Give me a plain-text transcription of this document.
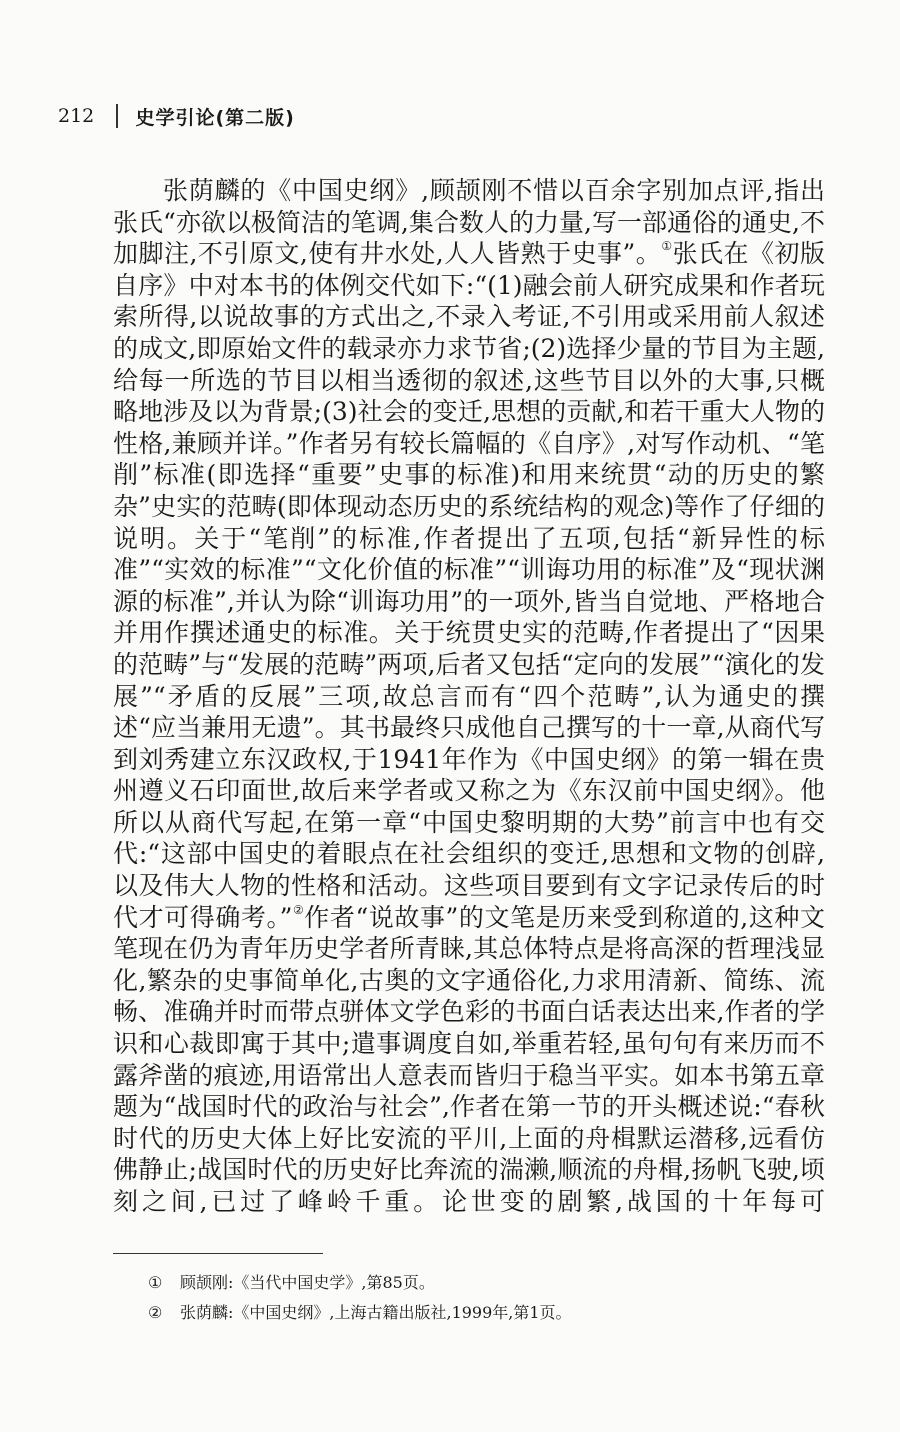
212	史学引论(第二版)

张荫麟的《中国史纲》,顾颉刚不惜以百余字别加点评,指出张氏“亦欲以极简洁的笔调,集合数人的力量,写一部通俗的通史,不加脚注,不引原文,使有井水处,人人皆熟于史事”。①张氏在《初版自序》中对本书的体例交代如下:“(1)融会前人研究成果和作者玩索所得,以说故事的方式出之,不录入考证,不引用或采用前人叙述的成文,即原始文件的载录亦力求节省;(2)选择少量的节目为主题,给每一所选的节目以相当透彻的叙述,这些节目以外的大事,只概略地涉及以为背景;(3)社会的变迁,思想的贡献,和若干重大人物的性格,兼顾并详。”作者另有较长篇幅的《自序》,对写作动机、“笔削”标准(即选择“重要”史事的标准)和用来统贯“动的历史的繁杂”史实的范畴(即体现动态历史的系统结构的观念)等作了仔细的说明。关于“笔削”的标准,作者提出了五项,包括“新异性的标准”“实效的标准”“文化价值的标准”“训诲功用的标准”及“现状渊源的标准”,并认为除“训诲功用”的一项外,皆当自觉地、严格地合并用作撰述通史的标准。关于统贯史实的范畴,作者提出了“因果的范畴”与“发展的范畴”两项,后者又包括“定向的发展”“演化的发展”“矛盾的反展”三项,故总言而有“四个范畴”,认为通史的撰述“应当兼用无遗”。其书最终只成他自己撰写的十一章,从商代写到刘秀建立东汉政权,于1941年作为《中国史纲》的第一辑在贵州遵义石印面世,故后来学者或又称之为《东汉前中国史纲》。他所以从商代写起,在第一章“中国史黎明期的大势”前言中也有交代:“这部中国史的着眼点在社会组织的变迁,思想和文物的创辟,以及伟大人物的性格和活动。这些项目要到有文字记录传后的时代才可得确考。”②作者“说故事”的文笔是历来受到称道的,这种文笔现在仍为青年历史学者所青睐,其总体特点是将高深的哲理浅显化,繁杂的史事简单化,古奥的文字通俗化,力求用清新、简练、流畅、准确并时而带点骈体文学色彩的书面白话表达出来,作者的学识和心裁即寓于其中;遣事调度自如,举重若轻,虽句句有来历而不露斧凿的痕迹,用语常出人意表而皆归于稳当平实。如本书第五章题为“战国时代的政治与社会”,作者在第一节的开头概述说:“春秋时代的历史大体上好比安流的平川,上面的舟楫默运潜移,远看仿佛静止;战国时代的历史好比奔流的湍濑,顺流的舟楫,扬帆飞驶,顷刻之间,已过了峰岭千重。论世变的剧繁,战国的十年每可

①	顾颉刚:《当代中国史学》,第85页。
②	张荫麟:《中国史纲》,上海古籍出版社,1999年,第1页。
